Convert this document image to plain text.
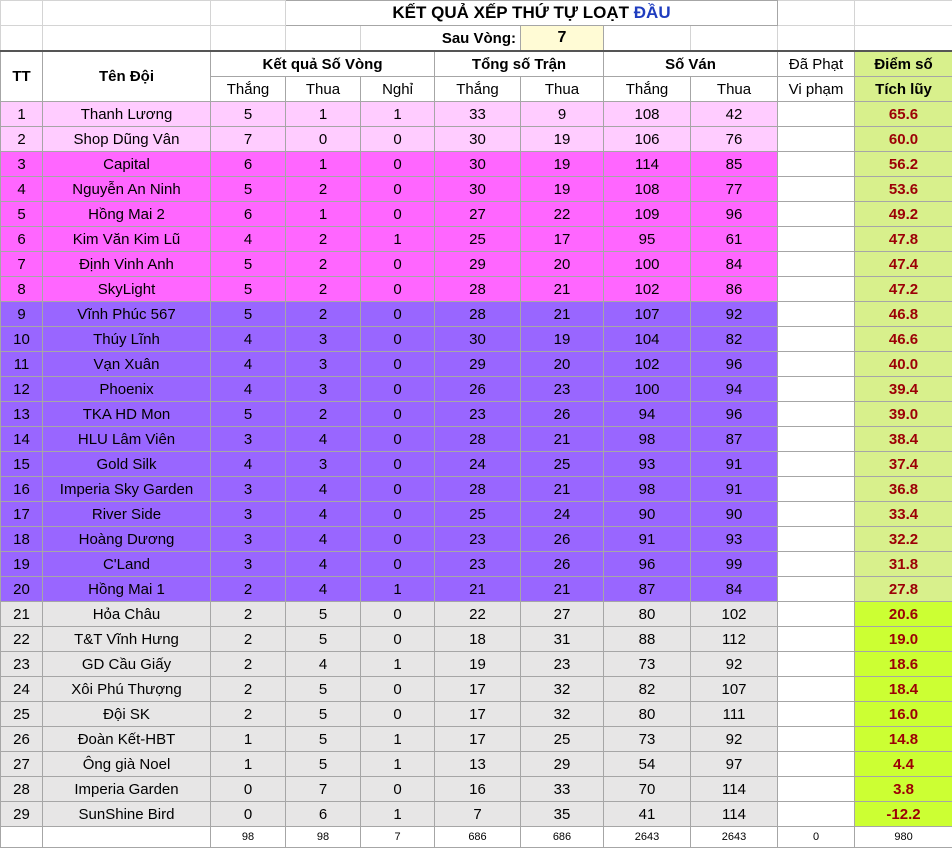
			KẾT QUẢ XẾP THỨ TỰ LOẠT ĐẦU							
				Sau Vòng:		7				
TT	Tên Đội	Kết quả Số Vòng			Tổng số Trận		Số Ván		Đã Phạt	Điểm số
		Thắng	Thua	Nghỉ	Thắng	Thua	Thắng	Thua	Vi phạm	Tích lũy
1	Thanh Lương	5	1	1	33	9	108	42		65.6
2	Shop Dũng Vân	7	0	0	30	19	106	76		60.0
3	Capital	6	1	0	30	19	114	85		56.2
4	Nguyễn An Ninh	5	2	0	30	19	108	77		53.6
5	Hồng Mai 2	6	1	0	27	22	109	96		49.2
6	Kim Văn Kim Lũ	4	2	1	25	17	95	61		47.8
7	Định Vinh Anh	5	2	0	29	20	100	84		47.4
8	SkyLight	5	2	0	28	21	102	86		47.2
9	Vĩnh Phúc 567	5	2	0	28	21	107	92		46.8
10	Thúy Lĩnh	4	3	0	30	19	104	82		46.6
11	Vạn Xuân	4	3	0	29	20	102	96		40.0
12	Phoenix	4	3	0	26	23	100	94		39.4
13	TKA HD Mon	5	2	0	23	26	94	96		39.0
14	HLU Lâm Viên	3	4	0	28	21	98	87		38.4
15	Gold Silk	4	3	0	24	25	93	91		37.4
16	Imperia Sky Garden	3	4	0	28	21	98	91		36.8
17	River Side	3	4	0	25	24	90	90		33.4
18	Hoàng Dương	3	4	0	23	26	91	93		32.2
19	C'Land	3	4	0	23	26	96	99		31.8
20	Hồng Mai 1	2	4	1	21	21	87	84		27.8
21	Hỏa Châu	2	5	0	22	27	80	102		20.6
22	T&T Vĩnh Hưng	2	5	0	18	31	88	112		19.0
23	GD Cầu Giấy	2	4	1	19	23	73	92		18.6
24	Xôi Phú Thượng	2	5	0	17	32	82	107		18.4
25	Đội SK	2	5	0	17	32	80	111		16.0
26	Đoàn Kết-HBT	1	5	1	17	25	73	92		14.8
27	Ông già Noel	1	5	1	13	29	54	97		4.4
28	Imperia Garden	0	7	0	16	33	70	114		3.8
29	SunShine Bird	0	6	1	7	35	41	114		-12.2
		98	98	7	686	686	2643	2643	0	980
